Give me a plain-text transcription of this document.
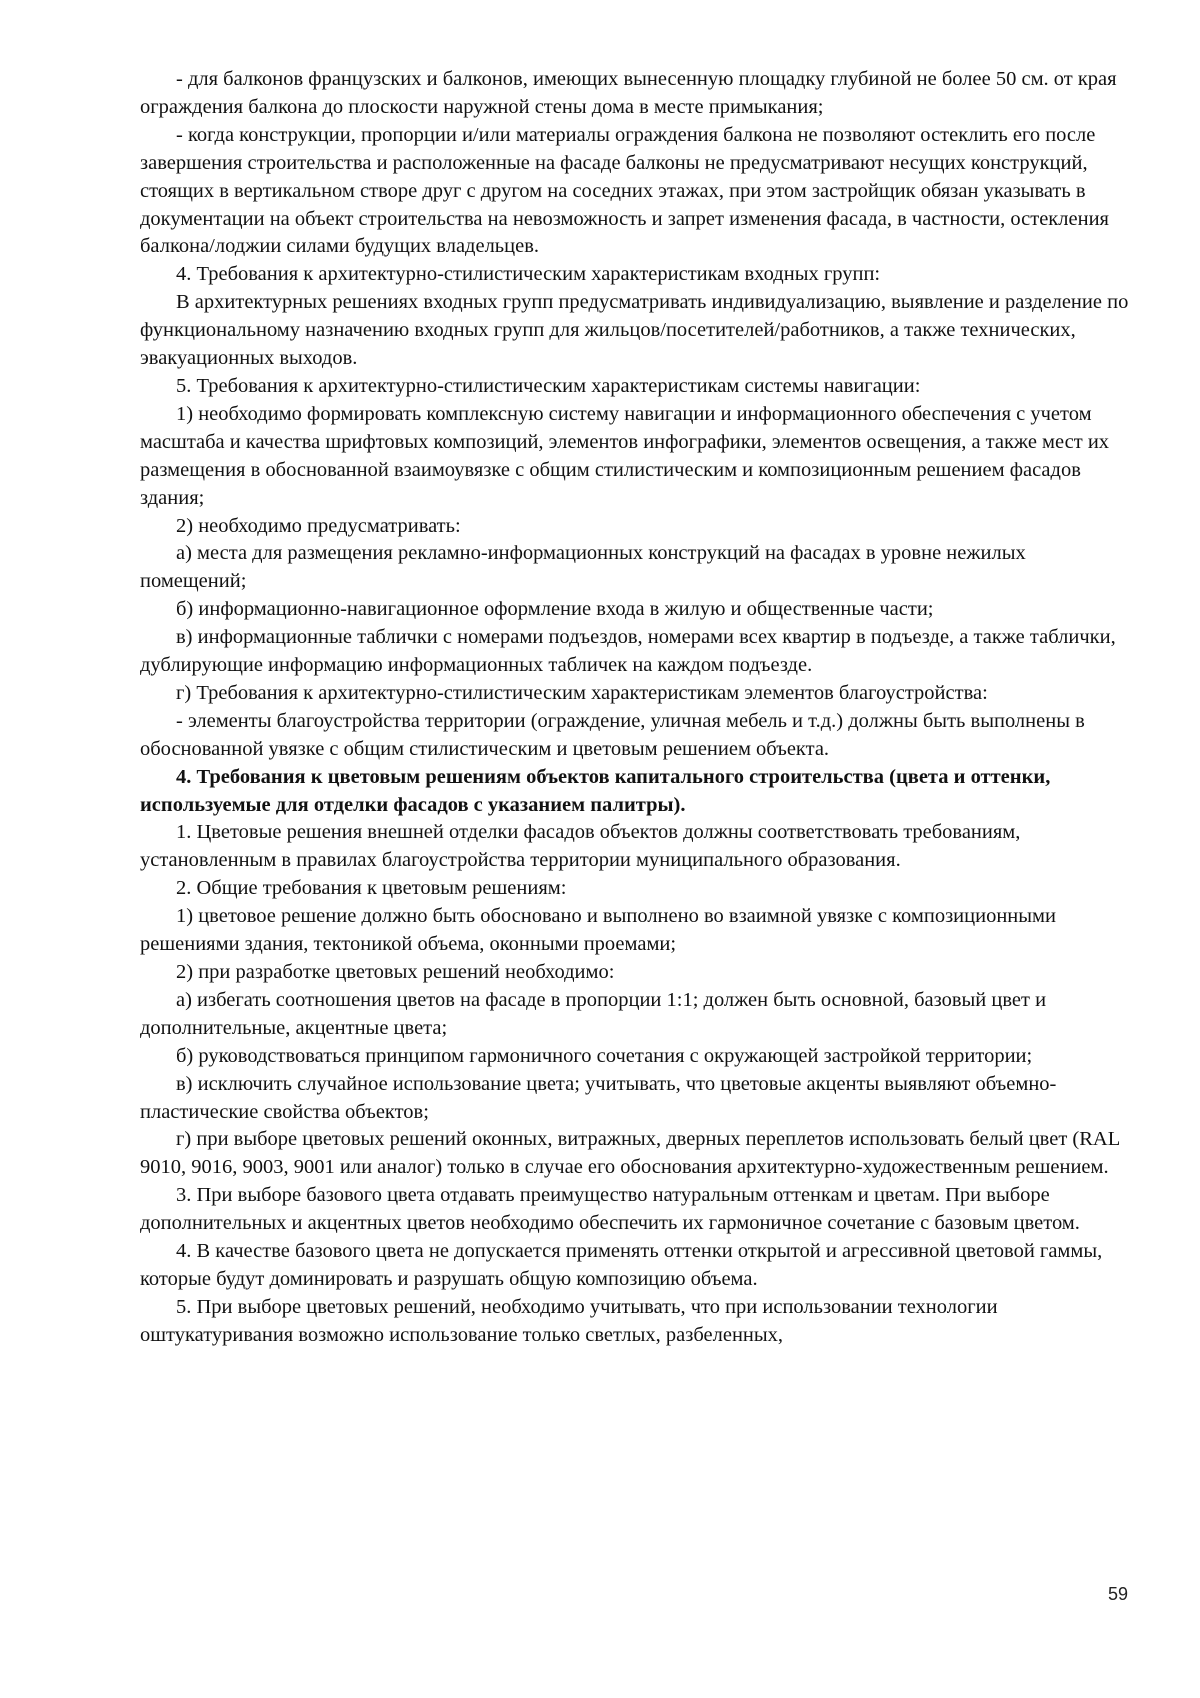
- для балконов французских и балконов, имеющих вынесенную площадку глубиной не более 50 см. от края ограждения балкона до плоскости наружной стены дома в месте примыкания;

- когда конструкции, пропорции и/или материалы ограждения балкона не позволяют остеклить его после завершения строительства и расположенные на фасаде балконы не предусматривают несущих конструкций, стоящих в вертикальном створе друг с другом на соседних этажах, при этом застройщик обязан указывать в документации на объект строительства на невозможность и запрет изменения фасада, в частности, остекления балкона/лоджии силами будущих владельцев.

4. Требования к архитектурно-стилистическим характеристикам входных групп:

В архитектурных решениях входных групп предусматривать индивидуализацию, выявление и разделение по функциональному назначению входных групп для жильцов/посетителей/работников, а также технических, эвакуационных выходов.

5. Требования к архитектурно-стилистическим характеристикам системы навигации:

1) необходимо формировать комплексную систему навигации и информационного обеспечения с учетом масштаба и качества шрифтовых композиций, элементов инфографики, элементов освещения, а также мест их размещения в обоснованной взаимоувязке с общим стилистическим и композиционным решением фасадов здания;

2) необходимо предусматривать:

а) места для размещения рекламно-информационных конструкций на фасадах в уровне нежилых помещений;

б) информационно-навигационное оформление входа в жилую и общественные части;

в) информационные таблички с номерами подъездов, номерами всех квартир в подъезде, а также таблички, дублирующие информацию информационных табличек на каждом подъезде.

г) Требования к архитектурно-стилистическим характеристикам элементов благоустройства:

- элементы благоустройства территории (ограждение, уличная мебель и т.д.) должны быть выполнены в обоснованной увязке с общим стилистическим и цветовым решением объекта.

4. Требования к цветовым решениям объектов капитального строительства (цвета и оттенки, используемые для отделки фасадов с указанием палитры).

1. Цветовые решения внешней отделки фасадов объектов должны соответствовать требованиям, установленным в правилах благоустройства территории муниципального образования.

2. Общие требования к цветовым решениям:

1) цветовое решение должно быть обосновано и выполнено во взаимной увязке с композиционными решениями здания, тектоникой объема, оконными проемами;

2) при разработке цветовых решений необходимо:

а) избегать соотношения цветов на фасаде в пропорции 1:1; должен быть основной, базовый цвет и дополнительные, акцентные цвета;

б) руководствоваться принципом гармоничного сочетания с окружающей застройкой территории;

в) исключить случайное использование цвета; учитывать, что цветовые акценты выявляют объемно-пластические свойства объектов;

г) при выборе цветовых решений оконных, витражных, дверных переплетов использовать белый цвет (RAL 9010, 9016, 9003, 9001 или аналог) только в случае его обоснования архитектурно-художественным решением.

3. При выборе базового цвета отдавать преимущество натуральным оттенкам и цветам. При выборе дополнительных и акцентных цветов необходимо обеспечить их гармоничное сочетание с базовым цветом.

4. В качестве базового цвета не допускается применять оттенки открытой и агрессивной цветовой гаммы, которые будут доминировать и разрушать общую композицию объема.

5. При выборе цветовых решений, необходимо учитывать, что при использовании технологии оштукатуривания возможно использование только светлых, разбеленных,

59
